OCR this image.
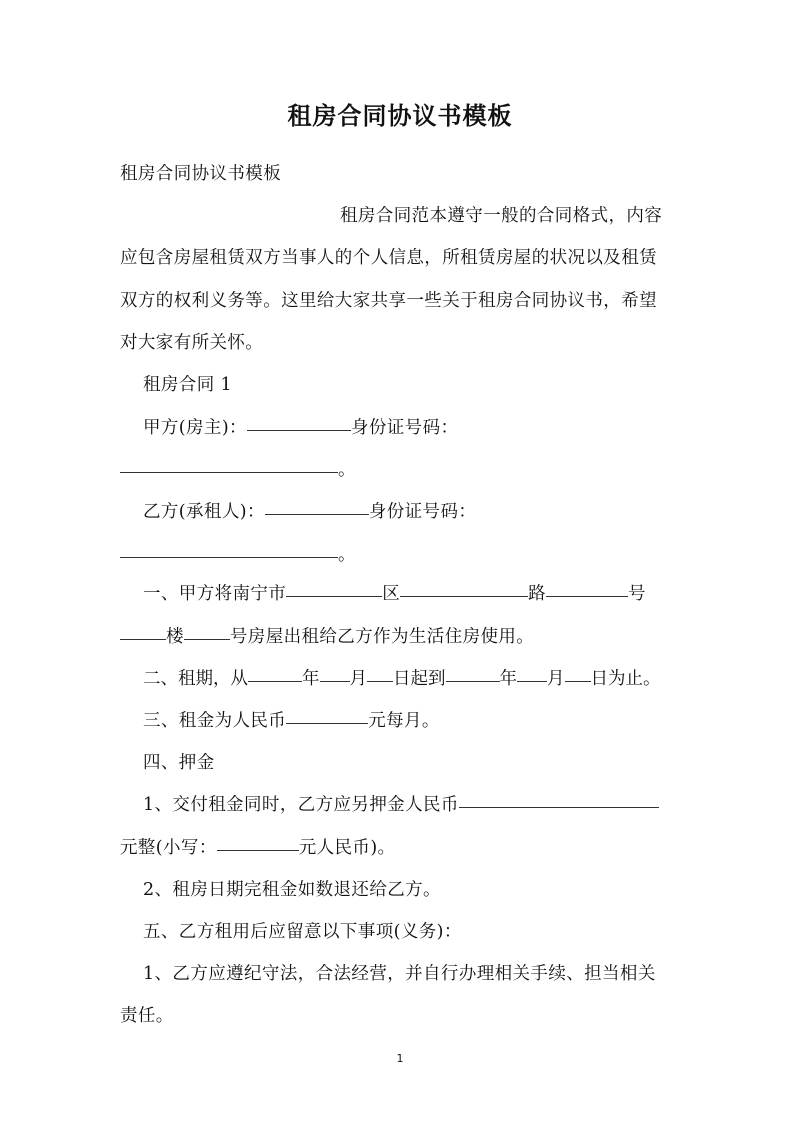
租房合同协议书模板
租房合同协议书模板
租房合同范本遵守一般的合同格式，内容
应包含房屋租赁双方当事人的个人信息，所租赁房屋的状况以及租赁
双方的权利义务等。这里给大家共享一些关于租房合同协议书，希望
对大家有所关怀。
租房合同 1
甲方(房主)：	身份证号码：
。
乙方(承租人)：	身份证号码：
。
一、甲方将南宁市	区	路	号
楼	号房屋出租给乙方作为生活住房使用。
二、租期，从	年 月 日起到	年 月 日为止。
三、租金为人民币	元每月。
四、押金
1、交付租金同时，乙方应另押金人民币
元整(小写：	元人民币)。
2、租房日期完租金如数退还给乙方。
五、乙方租用后应留意以下事项(义务)：
1、乙方应遵纪守法，合法经营，并自行办理相关手续、担当相关
责任。
1
